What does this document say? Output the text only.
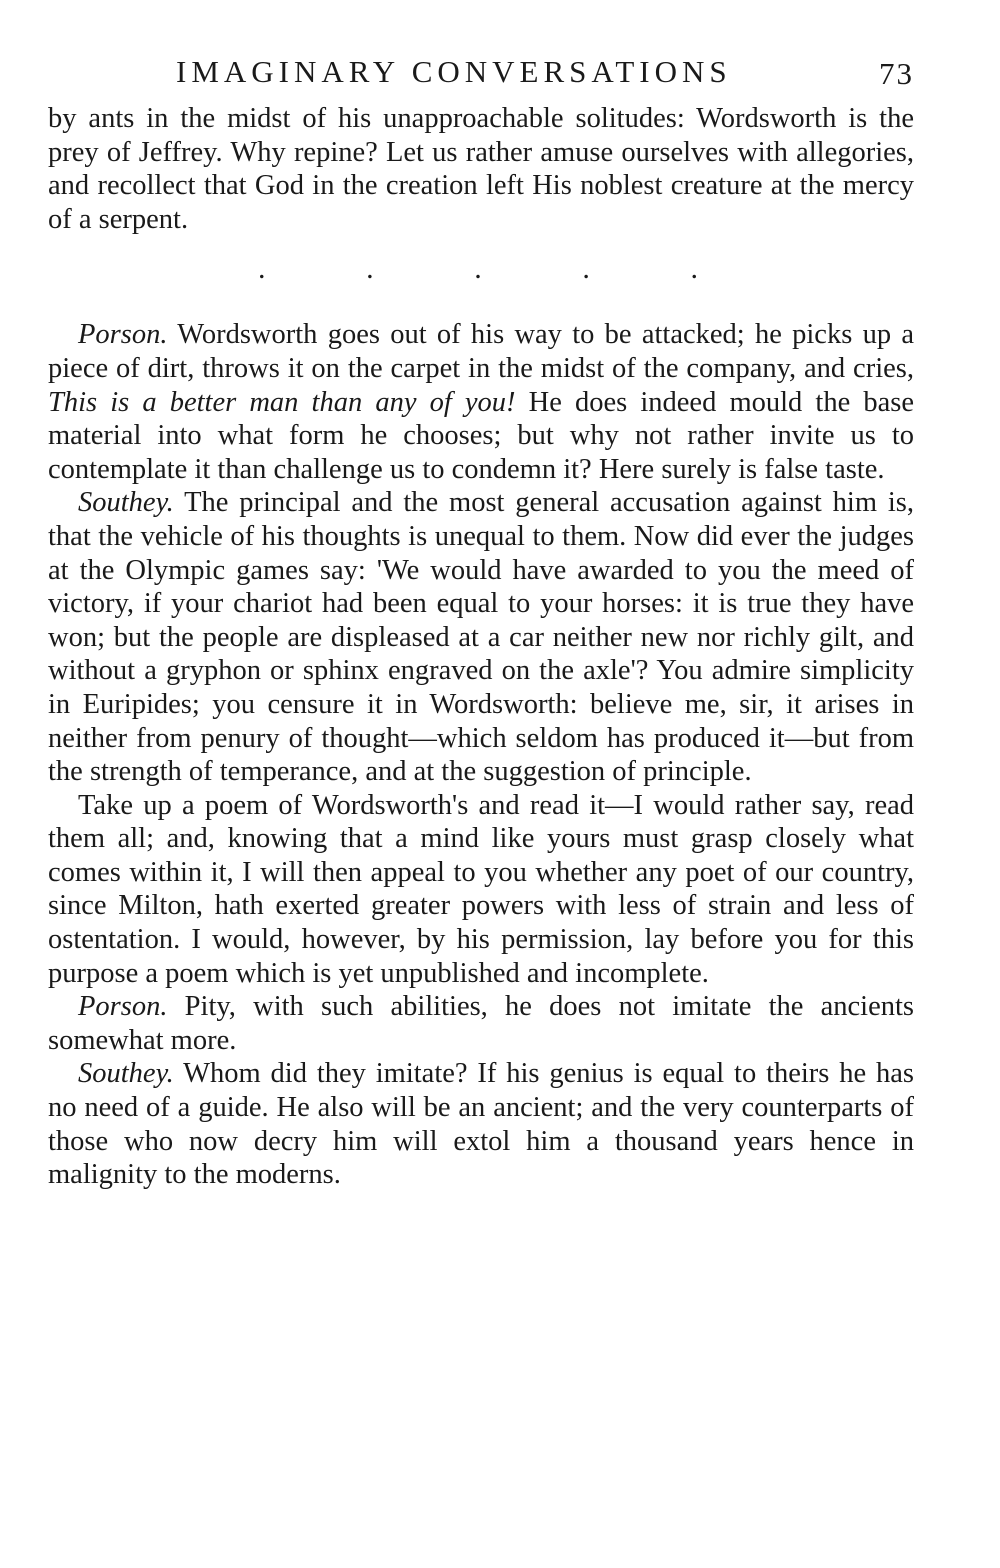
IMAGINARY CONVERSATIONS	73

by ants in the midst of his unapproachable solitudes: Wordsworth is the prey of Jeffrey. Why repine? Let us rather amuse ourselves with allegories, and recollect that God in the creation left His noblest creature at the mercy of a serpent.

.	.	.	.	.

Porson. Wordsworth goes out of his way to be attacked; he picks up a piece of dirt, throws it on the carpet in the midst of the company, and cries, This is a better man than any of you! He does indeed mould the base material into what form he chooses; but why not rather invite us to contemplate it than challenge us to condemn it? Here surely is false taste.

Southey. The principal and the most general accusation against him is, that the vehicle of his thoughts is unequal to them. Now did ever the judges at the Olympic games say: 'We would have awarded to you the meed of victory, if your chariot had been equal to your horses: it is true they have won; but the people are displeased at a car neither new nor richly gilt, and without a gryphon or sphinx engraved on the axle'? You admire simplicity in Euripides; you censure it in Wordsworth: believe me, sir, it arises in neither from penury of thought—which seldom has produced it—but from the strength of temperance, and at the suggestion of principle.

Take up a poem of Wordsworth's and read it—I would rather say, read them all; and, knowing that a mind like yours must grasp closely what comes within it, I will then appeal to you whether any poet of our country, since Milton, hath exerted greater powers with less of strain and less of ostentation. I would, however, by his permission, lay before you for this purpose a poem which is yet unpublished and incomplete.

Porson. Pity, with such abilities, he does not imitate the ancients somewhat more.

Southey. Whom did they imitate? If his genius is equal to theirs he has no need of a guide. He also will be an ancient; and the very counterparts of those who now decry him will extol him a thousand years hence in malignity to the moderns.
